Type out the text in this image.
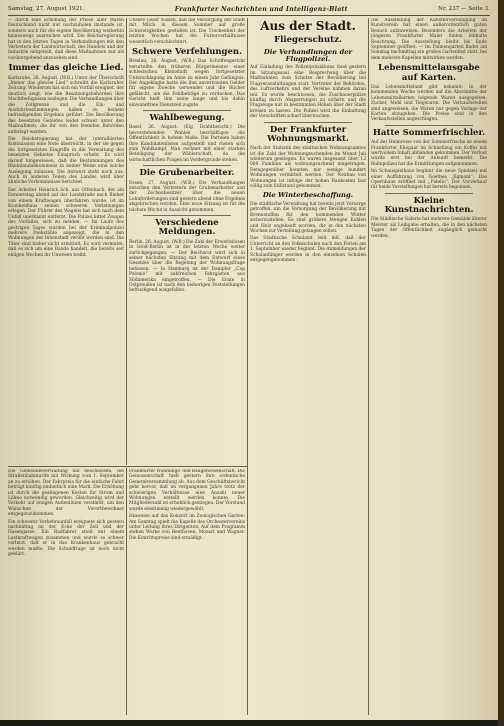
Samstag, 27. August 1921.	Frankfurter Nachrichten und Intelligenz-Blatt	Nr. 237 — Seite 3.
— durch eine Erhöhung der Preise aller Waren Deutschland nicht nur nachzuholen imstande ist, sondern auch für die eigene Bevölkerung weiterhin keineswegs ausreichen wird. Die Reichsregierung hat in den letzten Tagen in Verhandlungen mit den Vertretern der Landwirtschaft, des Handels und der Industrie mitgeteilt, daß diese Maßnahmen nur als vorübergehend anzusehen sind.
Immer das gleiche Lied.
Karlsruhe, 26. August. (W.B.) Unter der Überschrift „Immer das gleiche Lied“ schreibt die Karlsruher Zeitung: Wiederum hat sich ein Vorfall ereignet, der deutlich zeigt, wie die Besatzungsbehörden ihre Machtbefugnisse auslegen. Die Verhandlungen über die Zollgrenze und die Ein- und Ausfuhrbestimmungen haben zu keinem befriedigenden Ergebnis geführt. Die Bevölkerung des besetzten Gebietes leidet schwer unter den Maßnahmen, die ihr von den fremden Behörden auferlegt werden.
Die Reichsregierung hat der interalliierten Kommission eine Note überreicht, in der sie gegen die fortgesetzten Eingriffe in die Verwaltung des besetzten Gebietes Einspruch erhebt. Es wird darauf hingewiesen, daß die Bestimmungen des Rheinlandabkommens in keiner Weise eine solche Auslegung zulassen. Die Antwort steht noch aus. Auch in anderen Teilen des Landes wird über ähnliche Vorkommnisse berichtet.
Der Arbeiter Heinrich Sch. aus Offenbach, der am Donnerstag abend auf der Landstraße nach Bieber von einem Kraftwagen überfahren wurde, ist im Krankenhaus seinen schweren Verletzungen erlegen. Der Führer des Wagens hat sich nach dem Unfall unerkannt entfernt. Die Polizei bittet Zeugen des Vorfalles, sich zu melden. — Im Laufe des gestrigen Tages wurden bei der Kriminalpolizei mehrere Diebstähle angezeigt, die in den Wohnungen der Innenstadt verübt worden sind. Die Täter sind bisher nicht ermittelt. Es wird vermutet, daß es sich um eine Bande handelt, die bereits seit einigen Wochen ihr Unwesen treibt.
Unsere Leser wissen, daß die Versorgung der Stadt mit Milch in diesem Sommer auf große Schwierigkeiten gestoßen ist. Die Trockenheit der letzten Wochen hat die Futterverhältnisse wesentlich verschlechtert.
Schwere Verfehlungen.
Breslau, 26. August. (W.B.) Das Schöffengericht verurteilte den früheren Bürgermeister einer schlesischen Kleinstadt wegen fortgesetzter Unterschlagung im Amte zu einem Jahr Gefängnis. Der Angeklagte hatte die ihm anvertrauten Gelder für eigene Zwecke verwendet und die Bücher gefälscht, um die Fehlbeträge zu verdecken. Das Gericht hielt ihm seine lange und bis dahin einwandfreie Dienstzeit zugute.
Wahlbewegung.
Basel, 26. August. (Eig. Drahtbericht.) Die bevorstehenden Wahlen beschäftigen die Öffentlichkeit in hohem Maße. Die Parteien haben ihre Kandidatenlisten aufgestellt und rüsten sich zum Wahlkampf. Man rechnet mit einer starken Beteiligung der Wählerschaft, da die wirtschaftlichen Fragen im Vordergrunde stehen.
Die Grubenarbeiter.
Essen, 27. August. (W.B.) Die Verhandlungen zwischen den Vertretern der Grubenarbeiter und der Zechenbesitzer über die neuen Lohnforderungen sind gestern abend ohne Ergebnis abgebrochen worden. Eine neue Sitzung ist für die nächste Woche in Aussicht genommen.
Verschiedene Meldungen.
Berlin, 26. August. (W.B.) Die Zahl der Erwerbslosen in Groß-Berlin ist in der letzten Woche weiter zurückgegangen. — Der Reichsrat wird sich in seiner nächsten Sitzung mit dem Entwurf eines Gesetzes über die Regelung der Wohnungsfrage befassen. — In Hamburg ist der Dampfer „Cap Polonio“ mit zahlreichen Fahrgästen aus Südamerika eingetroffen. — Die Ernte in Ostpreußen ist nach den bisherigen Feststellungen befriedigend ausgefallen.
Aus der Stadt.
Fliegerschutz.
Die Verhandlungen der Flugpolizei.
Auf Einladung des Polizeipräsidiums fand gestern im Sitzungssaal eine Besprechung über die Maßnahmen zum Schutze der Bevölkerung bei Flugveranstaltungen statt. Vertreter der Behörden, des Luftverkehrs und der Vereine nahmen daran teil. Es wurde beschlossen, die Zuschauerplätze künftig durch Absperrungen zu sichern und die Flugzeuge nur in bestimmten Höhen über der Stadt kreisen zu lassen. Die Polizei wird die Einhaltung der Vorschriften scharf überwachen.
Der Frankfurter Wohnungsmarkt.
Nach der Statistik des städtischen Wohnungsamtes ist die Zahl der Wohnungsuchenden im Monat Juli wiederum gestiegen. Es waren insgesamt über 12 000 Familien als wohnungsuchend eingetragen. Demgegenüber konnten nur wenige hundert Wohnungen vermittelt werden. Der Neubau von Wohnungen ist infolge der hohen Baukosten fast völlig zum Stillstand gekommen.
Die Winterbeschaffung.
Die städtische Verwaltung hat bereits jetzt Vorsorge getroffen, um die Versorgung der Bevölkerung mit Brennstoffen für den kommenden Winter sicherzustellen. Es sind größere Mengen Kohlen und Holz angekauft worden, die in den nächsten Wochen zur Verteilung gelangen sollen.
Das Städtische Schulamt teilt mit, daß der Unterricht an den Volksschulen nach den Ferien am 1. September wieder beginnt. Die Anmeldungen der Schulanfänger werden in den einzelnen Schulen entgegengenommen.
Die Ausstellung der Künstlervereinigung im Kunstverein hat einen außerordentlich guten Besuch aufzuweisen. Besonders die Arbeiten der jüngeren Frankfurter Maler finden lebhafte Beachtung. Die Ausstellung bleibt bis Ende September geöffnet. — Im Palmengarten findet am Sonntag nachmittag ein großes Gartenfest statt, bei dem mehrere Kapellen mitwirken werden.
Lebensmittelausgabe auf Karten.
Das Lebensmittelamt gibt bekannt: In der kommenden Woche werden auf die Abschnitte der Lebensmittelkarten folgende Waren ausgegeben: Zucker, Mehl und Teigwaren. Die Verkaufsstellen sind angewiesen, die Waren nur gegen Vorlage der Karten abzugeben. Die Preise sind in den Verkaufsstellen angeschlagen.
Hatte Sommerfrischler.
Auf der Heimreise von der Sommerfrische ist einem Frankfurter Ehepaar im Schnellzug ein Koffer mit wertvollem Inhalt abhanden gekommen. Der Verlust wurde erst bei der Ankunft bemerkt. Die Bahnpolizei hat die Ermittlungen aufgenommen.
Im Schauspielhaus beginnt die neue Spielzeit mit einer Aufführung von Goethes „Egmont“. Das Opernhaus eröffnet mit „Fidelio“. Der Vorverkauf für beide Vorstellungen hat bereits begonnen.
Kleine Kunstnachrichten.
Die Städtische Galerie hat mehrere Gemälde älterer Meister als Leihgabe erhalten, die in den nächsten Tagen der Öffentlichkeit zugänglich gemacht werden.
Die Gemeindeverwaltung hat beschlossen, die Straßenbahntarife mit Wirkung vom 1. September an zu erhöhen. Der Fahrpreis für die einfache Fahrt beträgt künftig einheitlich eine Mark. Die Erhöhung ist durch die gestiegenen Kosten für Strom und Löhne notwendig geworden. Gleichzeitig wird der Verkehr auf einigen Außenlinien verstärkt, um den Wünschen der Vorortbewohner entgegenzukommen.
Ein schwerer Verkehrsunfall ereignete sich gestern nachmittag an der Ecke der Zeil und der Hasengasse. Ein Radfahrer stieß mit einem Lastkraftwagen zusammen und wurde so schwer verletzt, daß er in das Krankenhaus gebracht werden mußte. Die Schuldfrage ist noch nicht geklärt.
Frankfurter Wohnungs- und Baugenossenschaft. Die Genossenschaft hielt gestern ihre ordentliche Generalversammlung ab. Aus dem Geschäftsbericht geht hervor, daß im vergangenen Jahre trotz der schwierigen Verhältnisse eine Anzahl neuer Wohnungen erstellt werden konnte. Die Mitgliederzahl ist erheblich gestiegen. Der Vorstand wurde einstimmig wiedergewählt.
Hinweise auf das Konzert im Zoologischen Garten: Am Sonntag spielt die Kapelle des Orchestervereins unter Leitung ihres Dirigenten. Auf dem Programm stehen Werke von Beethoven, Mozart und Wagner. Die Eintrittspreise sind ermäßigt.
